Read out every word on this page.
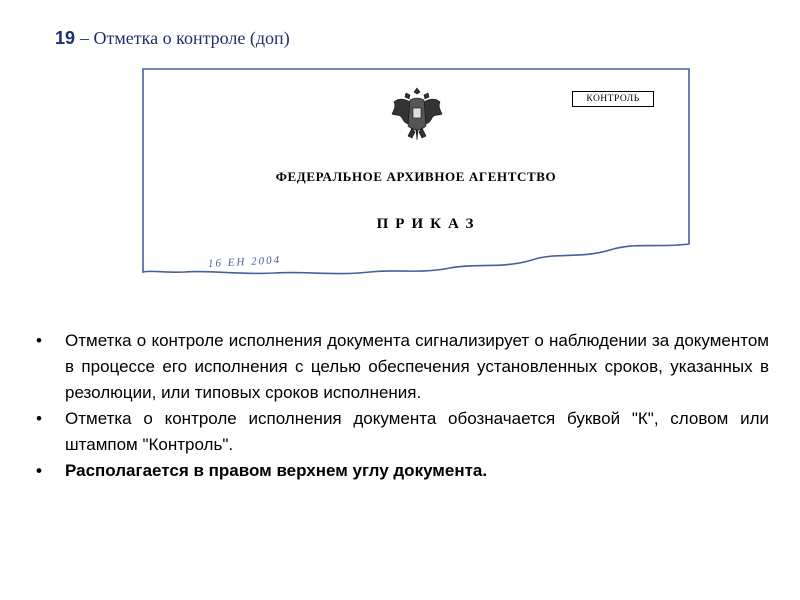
19 – Отметка о контроле (доп)
КОНТРОЛЬ
ФЕДЕРАЛЬНОЕ АРХИВНОЕ АГЕНТСТВО
ПРИКАЗ
16 ЕН 2004
• Отметка о контроле исполнения документа сигнализирует о наблюдении за документом в процессе его исполнения с целью обеспечения установленных сроков, указанных в резолюции, или типовых сроков исполнения.
• Отметка о контроле исполнения документа обозначается буквой "К", словом или штампом "Контроль".
• Располагается в правом верхнем углу документа.
